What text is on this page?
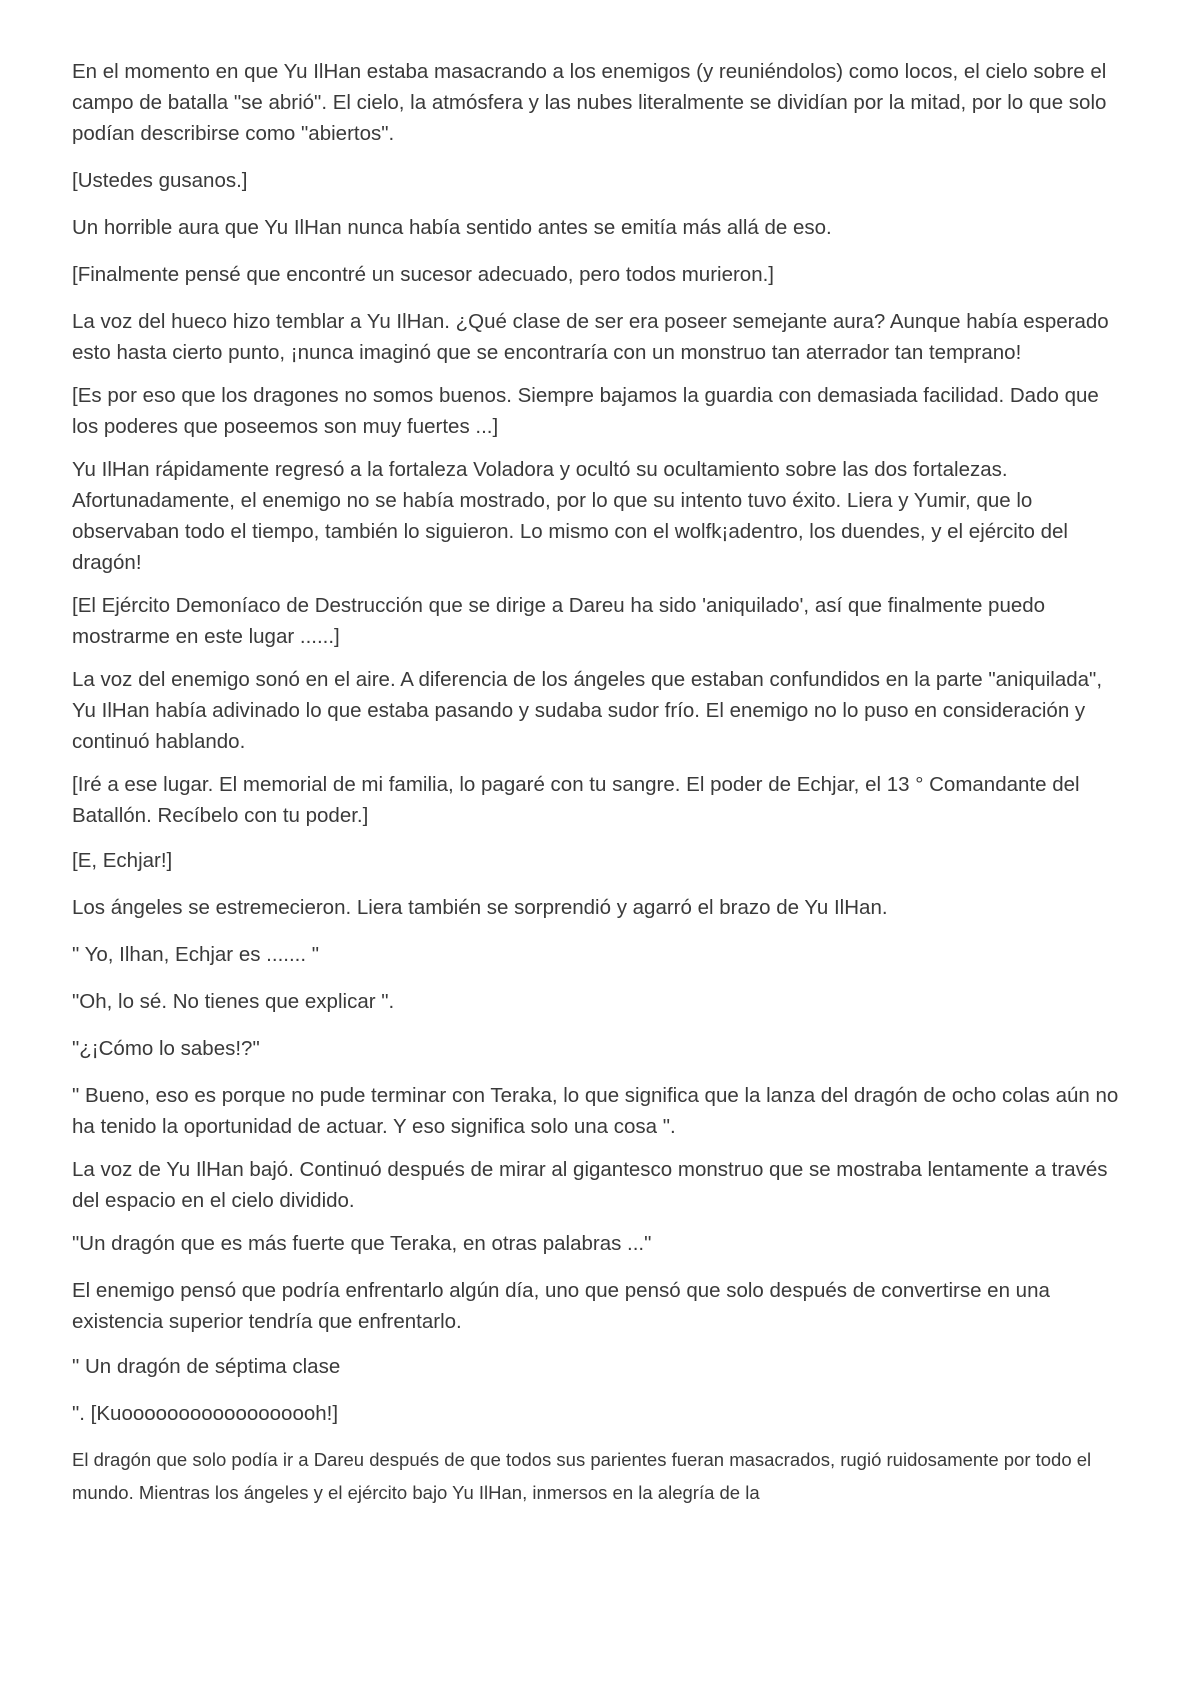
En el momento en que Yu IlHan estaba masacrando a los enemigos (y reuniéndolos) como locos, el cielo sobre el campo de batalla "se abrió". El cielo, la atmósfera y las nubes literalmente se dividían por la mitad, por lo que solo podían describirse como "abiertos".

[Ustedes gusanos.]

Un horrible aura que Yu IlHan nunca había sentido antes se emitía más allá de eso.

[Finalmente pensé que encontré un sucesor adecuado, pero todos murieron.]

La voz del hueco hizo temblar a Yu IlHan. ¿Qué clase de ser era poseer semejante aura? Aunque había esperado esto hasta cierto punto, ¡nunca imaginó que se encontraría con un monstruo tan aterrador tan temprano!

[Es por eso que los dragones no somos buenos. Siempre bajamos la guardia con demasiada facilidad. Dado que los poderes que poseemos son muy fuertes ...]

Yu IlHan rápidamente regresó a la fortaleza Voladora y ocultó su ocultamiento sobre las dos fortalezas. Afortunadamente, el enemigo no se había mostrado, por lo que su intento tuvo éxito. Liera y Yumir, que lo observaban todo el tiempo, también lo siguieron. Lo mismo con el wolfk¡adentro, los duendes, y el ejército del dragón!

[El Ejército Demoníaco de Destrucción que se dirige a Dareu ha sido 'aniquilado', así que finalmente puedo mostrarme en este lugar ......]

La voz del enemigo sonó en el aire. A diferencia de los ángeles que estaban confundidos en la parte "aniquilada", Yu IlHan había adivinado lo que estaba pasando y sudaba sudor frío. El enemigo no lo puso en consideración y continuó hablando.

[Iré a ese lugar. El memorial de mi familia, lo pagaré con tu sangre. El poder de Echjar, el 13 ° Comandante del Batallón. Recíbelo con tu poder.]

[E, Echjar!]

Los ángeles se estremecieron. Liera también se sorprendió y agarró el brazo de Yu IlHan.

" Yo, Ilhan, Echjar es ....... "

"Oh, lo sé. No tienes que explicar ".

"¿¡Cómo lo sabes!?"

" Bueno, eso es porque no pude terminar con Teraka, lo que significa que la lanza del dragón de ocho colas aún no ha tenido la oportunidad de actuar. Y eso significa solo una cosa ".

La voz de Yu IlHan bajó. Continuó después de mirar al gigantesco monstruo que se mostraba lentamente a través del espacio en el cielo dividido.

"Un dragón que es más fuerte que Teraka, en otras palabras ..."

El enemigo pensó que podría enfrentarlo algún día, uno que pensó que solo después de convertirse en una existencia superior tendría que enfrentarlo.

" Un dragón de séptima clase

". [Kuoooooooooooooooooh!]

El dragón que solo podía ir a Dareu después de que todos sus parientes fueran masacrados, rugió ruidosamente por todo el mundo. Mientras los ángeles y el ejército bajo Yu IlHan, inmersos en la alegría de la
